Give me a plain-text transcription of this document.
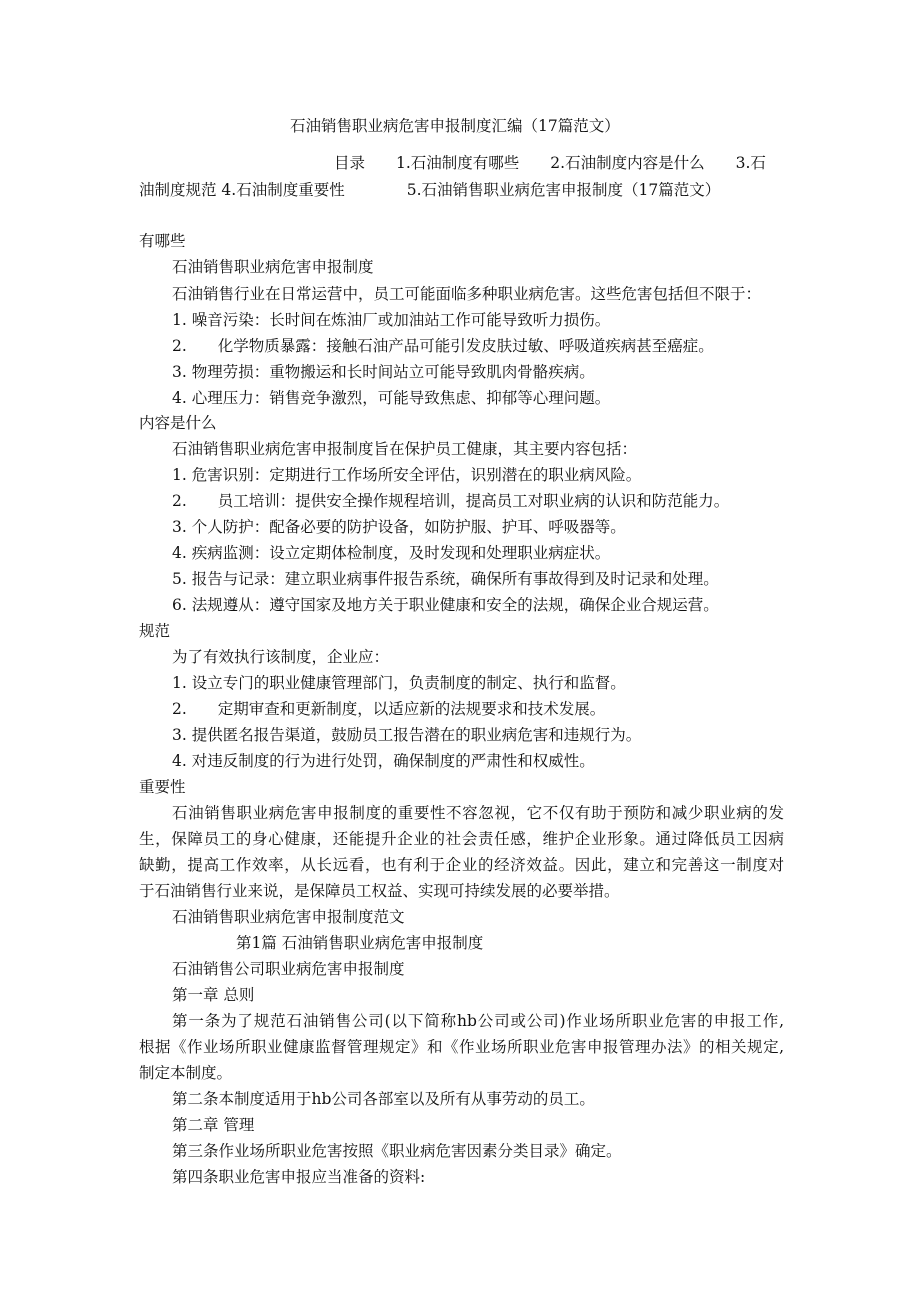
石油销售职业病危害申报制度汇编（17篇范文）
目录　　1.石油制度有哪些　　2.石油制度内容是什么　　3.石
油制度规范 4.石油制度重要性　　　　5.石油销售职业病危害申报制度（17篇范文）
有哪些
石油销售职业病危害申报制度
石油销售行业在日常运营中，员工可能面临多种职业病危害。这些危害包括但不限于：
1. 噪音污染：长时间在炼油厂或加油站工作可能导致听力损伤。
2.　　化学物质暴露：接触石油产品可能引发皮肤过敏、呼吸道疾病甚至癌症。
3. 物理劳损：重物搬运和长时间站立可能导致肌肉骨骼疾病。
4. 心理压力：销售竞争激烈，可能导致焦虑、抑郁等心理问题。
内容是什么
石油销售职业病危害申报制度旨在保护员工健康，其主要内容包括：
1. 危害识别：定期进行工作场所安全评估，识别潜在的职业病风险。
2.　　员工培训：提供安全操作规程培训，提高员工对职业病的认识和防范能力。
3. 个人防护：配备必要的防护设备，如防护服、护耳、呼吸器等。
4. 疾病监测：设立定期体检制度，及时发现和处理职业病症状。
5. 报告与记录：建立职业病事件报告系统，确保所有事故得到及时记录和处理。
6. 法规遵从：遵守国家及地方关于职业健康和安全的法规，确保企业合规运营。
规范
为了有效执行该制度，企业应：
1. 设立专门的职业健康管理部门，负责制度的制定、执行和监督。
2.　　定期审查和更新制度，以适应新的法规要求和技术发展。
3. 提供匿名报告渠道，鼓励员工报告潜在的职业病危害和违规行为。
4. 对违反制度的行为进行处罚，确保制度的严肃性和权威性。
重要性
石油销售职业病危害申报制度的重要性不容忽视，它不仅有助于预防和减少职业病的发
生，保障员工的身心健康，还能提升企业的社会责任感，维护企业形象。通过降低员工因病
缺勤，提高工作效率，从长远看，也有利于企业的经济效益。因此，建立和完善这一制度对
于石油销售行业来说，是保障员工权益、实现可持续发展的必要举措。
石油销售职业病危害申报制度范文
第1篇 石油销售职业病危害申报制度
石油销售公司职业病危害申报制度
第一章 总则
第一条为了规范石油销售公司(以下简称hb公司或公司)作业场所职业危害的申报工作,
根据《作业场所职业健康监督管理规定》和《作业场所职业危害申报管理办法》的相关规定,
制定本制度。
第二条本制度适用于hb公司各部室以及所有从事劳动的员工。
第二章 管理
第三条作业场所职业危害按照《职业病危害因素分类目录》确定。
第四条职业危害申报应当准备的资料:
